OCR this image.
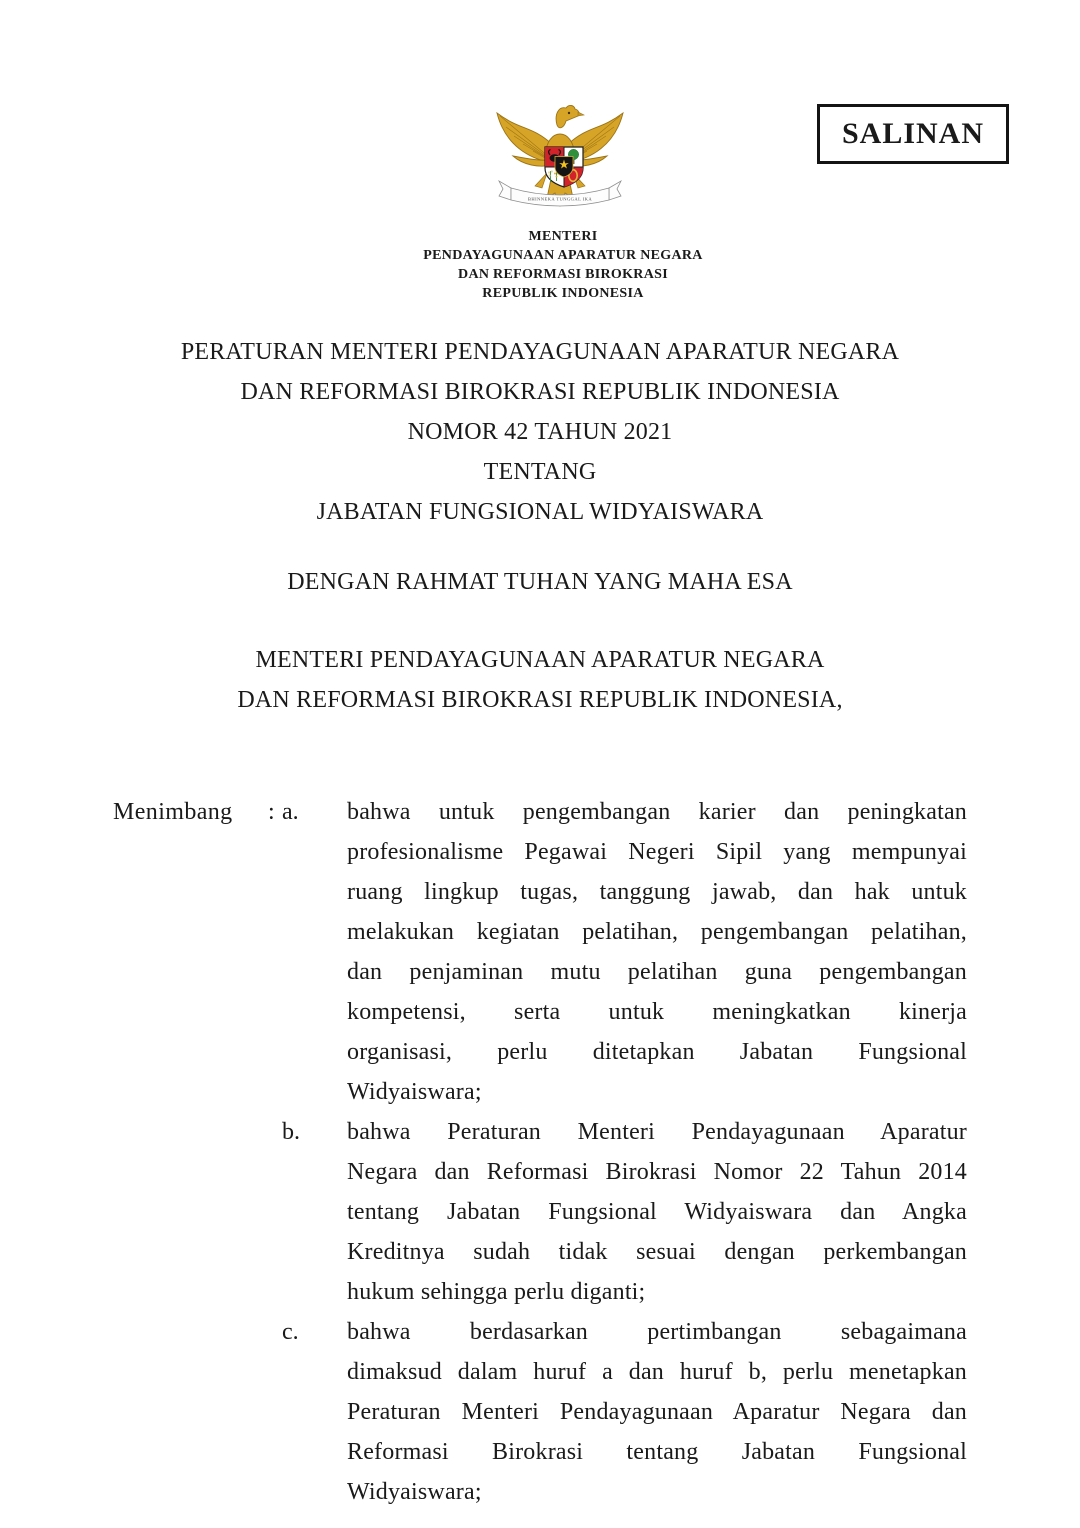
SALINAN
BHINNEKA TUNGGAL IKA
MENTERI
PENDAYAGUNAAN APARATUR NEGARA
DAN REFORMASI BIROKRASI
REPUBLIK INDONESIA
PERATURAN MENTERI PENDAYAGUNAAN APARATUR NEGARA
DAN REFORMASI BIROKRASI REPUBLIK INDONESIA
NOMOR 42 TAHUN 2021
TENTANG
JABATAN FUNGSIONAL WIDYAISWARA
DENGAN RAHMAT TUHAN YANG MAHA ESA
MENTERI PENDAYAGUNAAN APARATUR NEGARA
DAN REFORMASI BIROKRASI REPUBLIK INDONESIA,
Menimbang	: a.	bahwa untuk pengembangan karier dan peningkatan
profesionalisme Pegawai Negeri Sipil yang mempunyai
ruang lingkup tugas, tanggung jawab, dan hak untuk
melakukan kegiatan pelatihan, pengembangan pelatihan,
dan penjaminan mutu pelatihan guna pengembangan
kompetensi, serta untuk meningkatkan kinerja
organisasi, perlu ditetapkan Jabatan Fungsional
Widyaiswara;
b.	bahwa Peraturan Menteri Pendayagunaan Aparatur
Negara dan Reformasi Birokrasi Nomor 22 Tahun 2014
tentang Jabatan Fungsional Widyaiswara dan Angka
Kreditnya sudah tidak sesuai dengan perkembangan
hukum sehingga perlu diganti;
c.	bahwa berdasarkan pertimbangan sebagaimana
dimaksud dalam huruf a dan huruf b, perlu menetapkan
Peraturan Menteri Pendayagunaan Aparatur Negara dan
Reformasi Birokrasi tentang Jabatan Fungsional
Widyaiswara;
